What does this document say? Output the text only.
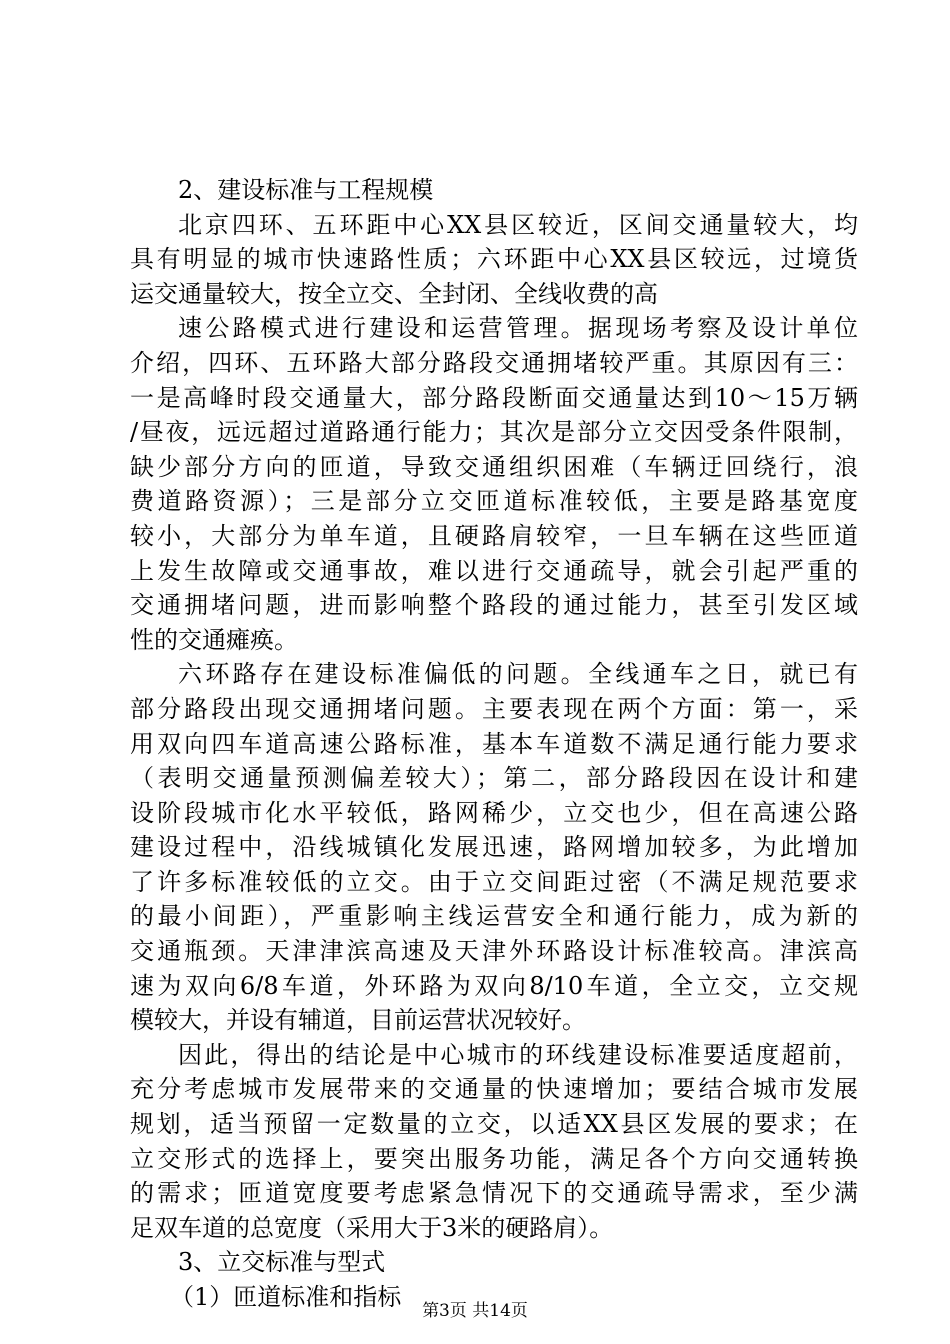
2、建设标准与工程规模
北京四环、五环距中心XX县区较近，区间交通量较大，均
具有明显的城市快速路性质；六环距中心XX县区较远，过境货
运交通量较大，按全立交、全封闭、全线收费的高
速公路模式进行建设和运营管理。据现场考察及设计单位
介绍，四环、五环路大部分路段交通拥堵较严重。其原因有三：
一是高峰时段交通量大，部分路段断面交通量达到10～15万辆
/昼夜，远远超过道路通行能力；其次是部分立交因受条件限制，
缺少部分方向的匝道，导致交通组织困难（车辆迂回绕行，浪
费道路资源）；三是部分立交匝道标准较低，主要是路基宽度
较小，大部分为单车道，且硬路肩较窄，一旦车辆在这些匝道
上发生故障或交通事故，难以进行交通疏导，就会引起严重的
交通拥堵问题，进而影响整个路段的通过能力，甚至引发区域
性的交通瘫痪。
六环路存在建设标准偏低的问题。全线通车之日，就已有
部分路段出现交通拥堵问题。主要表现在两个方面：第一，采
用双向四车道高速公路标准，基本车道数不满足通行能力要求
（表明交通量预测偏差较大）；第二，部分路段因在设计和建
设阶段城市化水平较低，路网稀少，立交也少，但在高速公路
建设过程中，沿线城镇化发展迅速，路网增加较多，为此增加
了许多标准较低的立交。由于立交间距过密（不满足规范要求
的最小间距），严重影响主线运营安全和通行能力，成为新的
交通瓶颈。天津津滨高速及天津外环路设计标准较高。津滨高
速为双向6/8车道，外环路为双向8/10车道，全立交，立交规
模较大，并设有辅道，目前运营状况较好。
因此，得出的结论是中心城市的环线建设标准要适度超前，
充分考虑城市发展带来的交通量的快速增加；要结合城市发展
规划，适当预留一定数量的立交，以适XX县区发展的要求；在
立交形式的选择上，要突出服务功能，满足各个方向交通转换
的需求；匝道宽度要考虑紧急情况下的交通疏导需求，至少满
足双车道的总宽度（采用大于3米的硬路肩）。
3、立交标准与型式
（1）匝道标准和指标	第3页 共14页
